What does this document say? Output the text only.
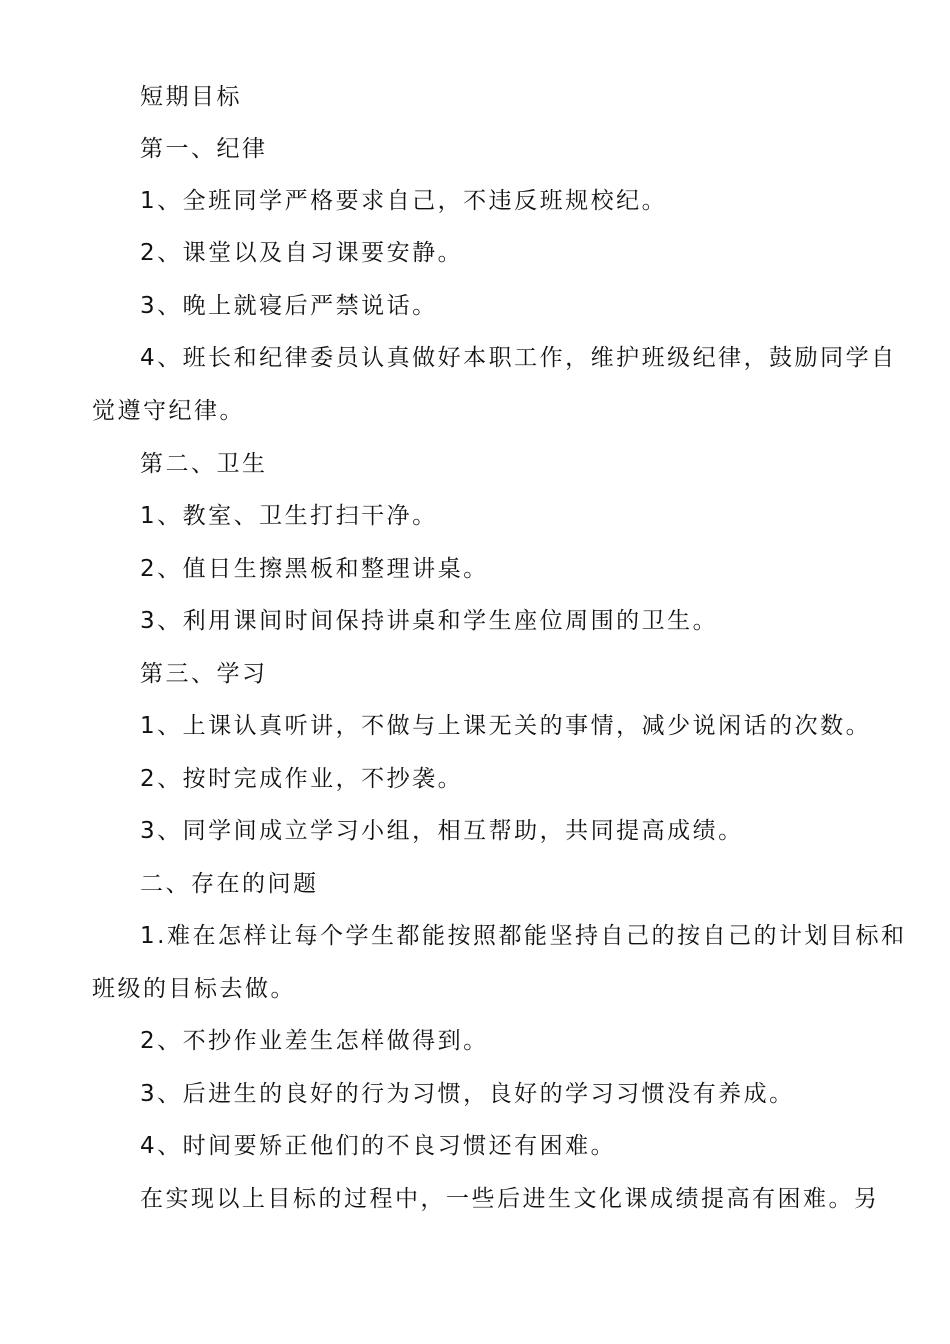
短期目标
第一、纪律
1、全班同学严格要求自己，不违反班规校纪。
2、课堂以及自习课要安静。
3、晚上就寝后严禁说话。
4、班长和纪律委员认真做好本职工作，维护班级纪律，鼓励同学自
觉遵守纪律。
第二、卫生
1、教室、卫生打扫干净。
2、值日生擦黑板和整理讲桌。
3、利用课间时间保持讲桌和学生座位周围的卫生。
第三、学习
1、上课认真听讲，不做与上课无关的事情，减少说闲话的次数。
2、按时完成作业，不抄袭。
3、同学间成立学习小组，相互帮助，共同提高成绩。
二、存在的问题
1.难在怎样让每个学生都能按照都能坚持自己的按自己的计划目标和
班级的目标去做。
2、不抄作业差生怎样做得到。
3、后进生的良好的行为习惯，良好的学习习惯没有养成。
4、时间要矫正他们的不良习惯还有困难。
在实现以上目标的过程中，一些后进生文化课成绩提高有困难。另
